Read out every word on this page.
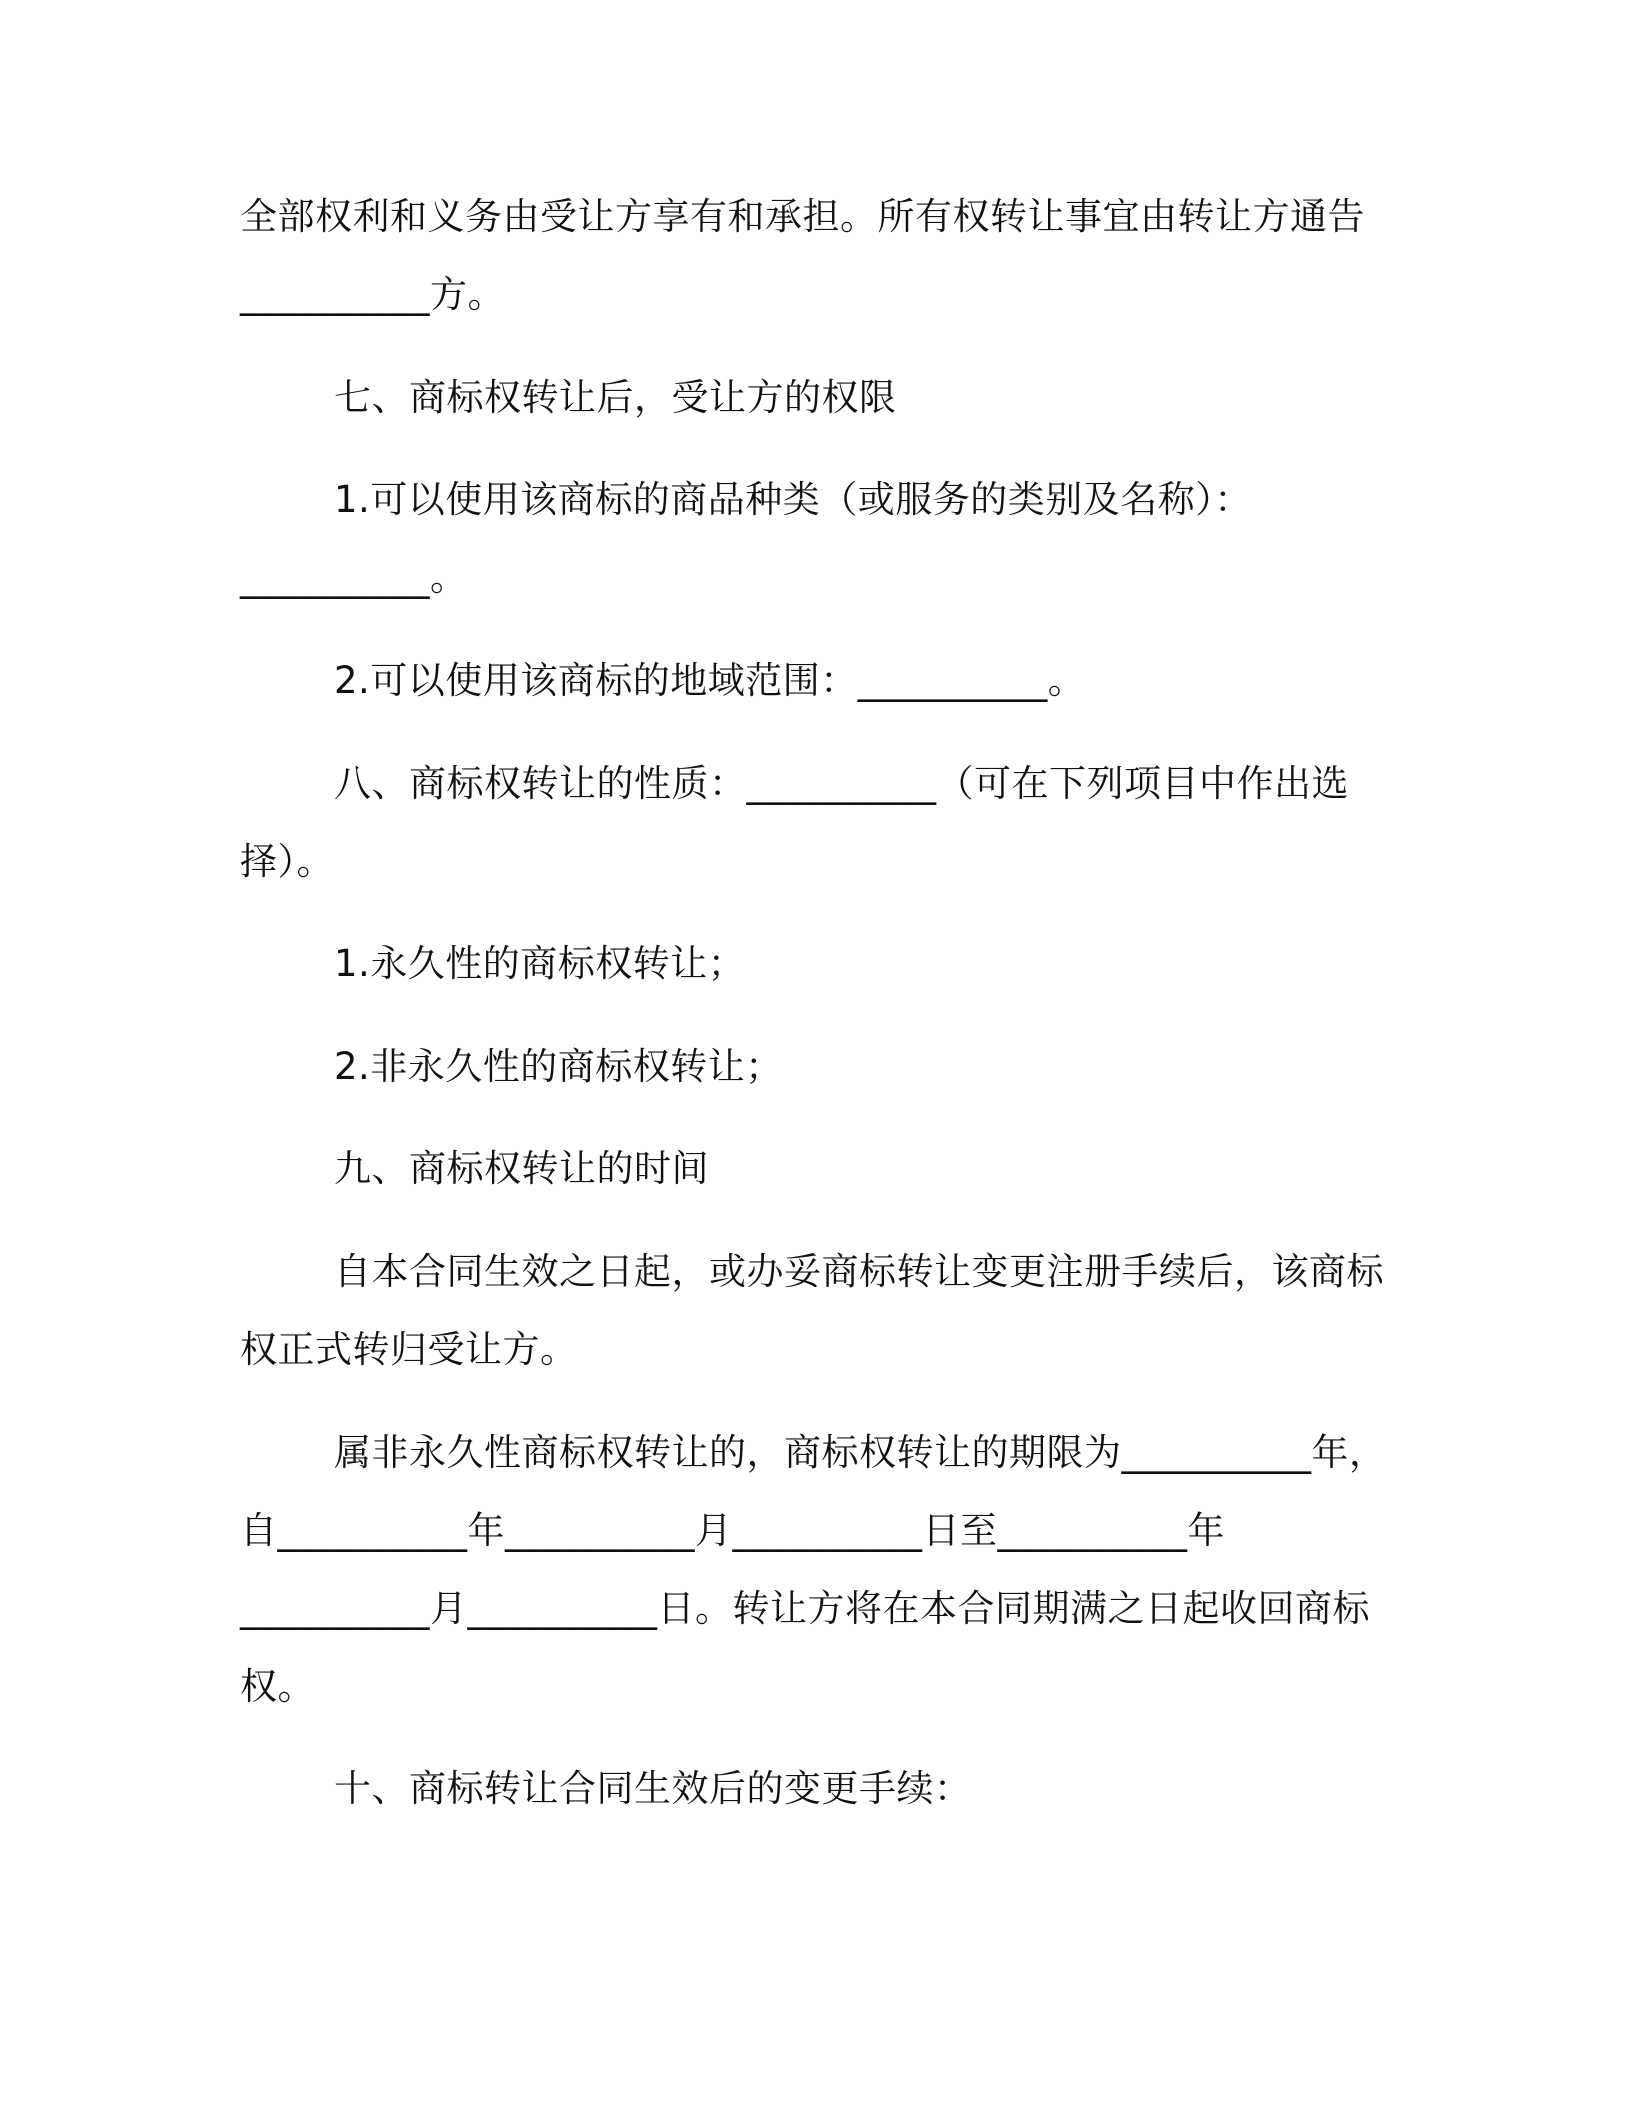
全部权利和义务由受让方享有和承担。所有权转让事宜由转让方通告
__________方。
七、商标权转让后，受让方的权限
1.可以使用该商标的商品种类（或服务的类别及名称）：
__________。
2.可以使用该商标的地域范围：__________。
八、商标权转让的性质：__________（可在下列项目中作出选
择）。
1.永久性的商标权转让；
2.非永久性的商标权转让；
九、商标权转让的时间
自本合同生效之日起，或办妥商标转让变更注册手续后，该商标
权正式转归受让方。
属非永久性商标权转让的，商标权转让的期限为__________年，
自__________年__________月__________日至__________年
__________月__________日。转让方将在本合同期满之日起收回商标
权。
十、商标转让合同生效后的变更手续：
